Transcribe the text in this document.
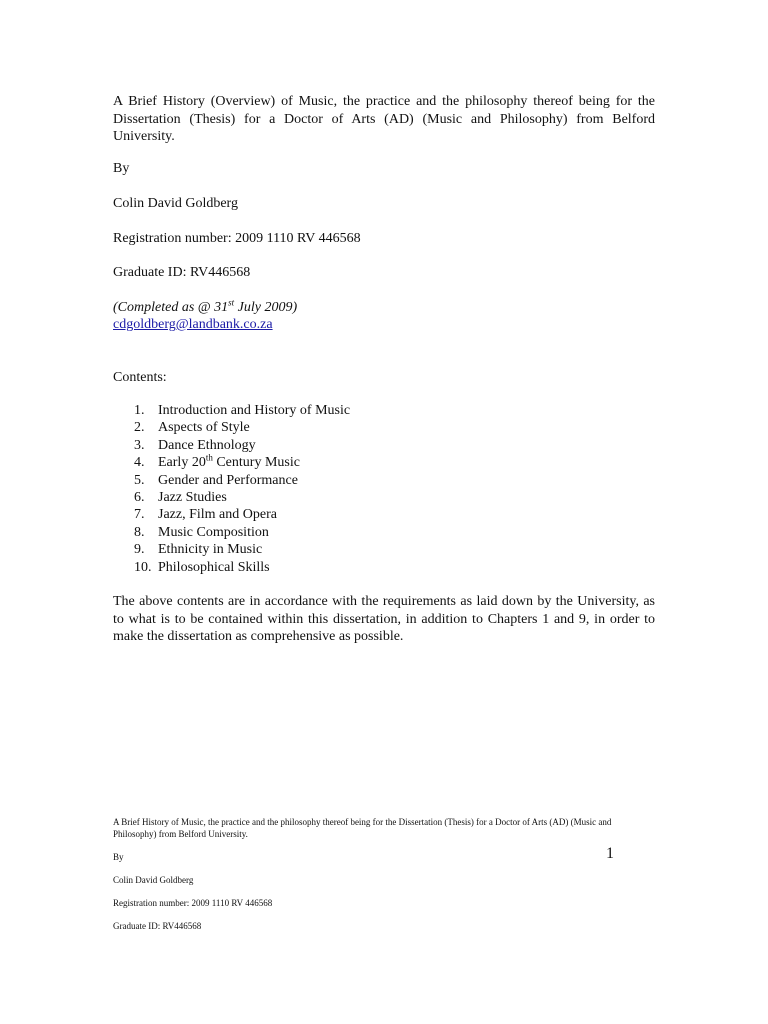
A Brief History (Overview) of Music, the practice and the philosophy thereof being for the Dissertation (Thesis) for a Doctor of Arts (AD) (Music and Philosophy) from Belford University.

By

Colin David Goldberg

Registration number: 2009 1110 RV 446568

Graduate ID: RV446568

(Completed as @ 31st July 2009)

cdgoldberg@landbank.co.za

Contents:

1. Introduction and History of Music
2. Aspects of Style
3. Dance Ethnology
4. Early 20th Century Music
5. Gender and Performance
6. Jazz Studies
7. Jazz, Film and Opera
8. Music Composition
9. Ethnicity in Music
10. Philosophical Skills

The above contents are in accordance with the requirements as laid down by the University, as to what is to be contained within this dissertation, in addition to Chapters 1 and 9, in order to make the dissertation as comprehensive as possible.

A Brief History of Music, the practice and the philosophy thereof being for the Dissertation (Thesis) for a Doctor of Arts (AD) (Music and Philosophy) from Belford University.

By

Colin David Goldberg

Registration number: 2009 1110 RV 446568

Graduate ID: RV446568

1
